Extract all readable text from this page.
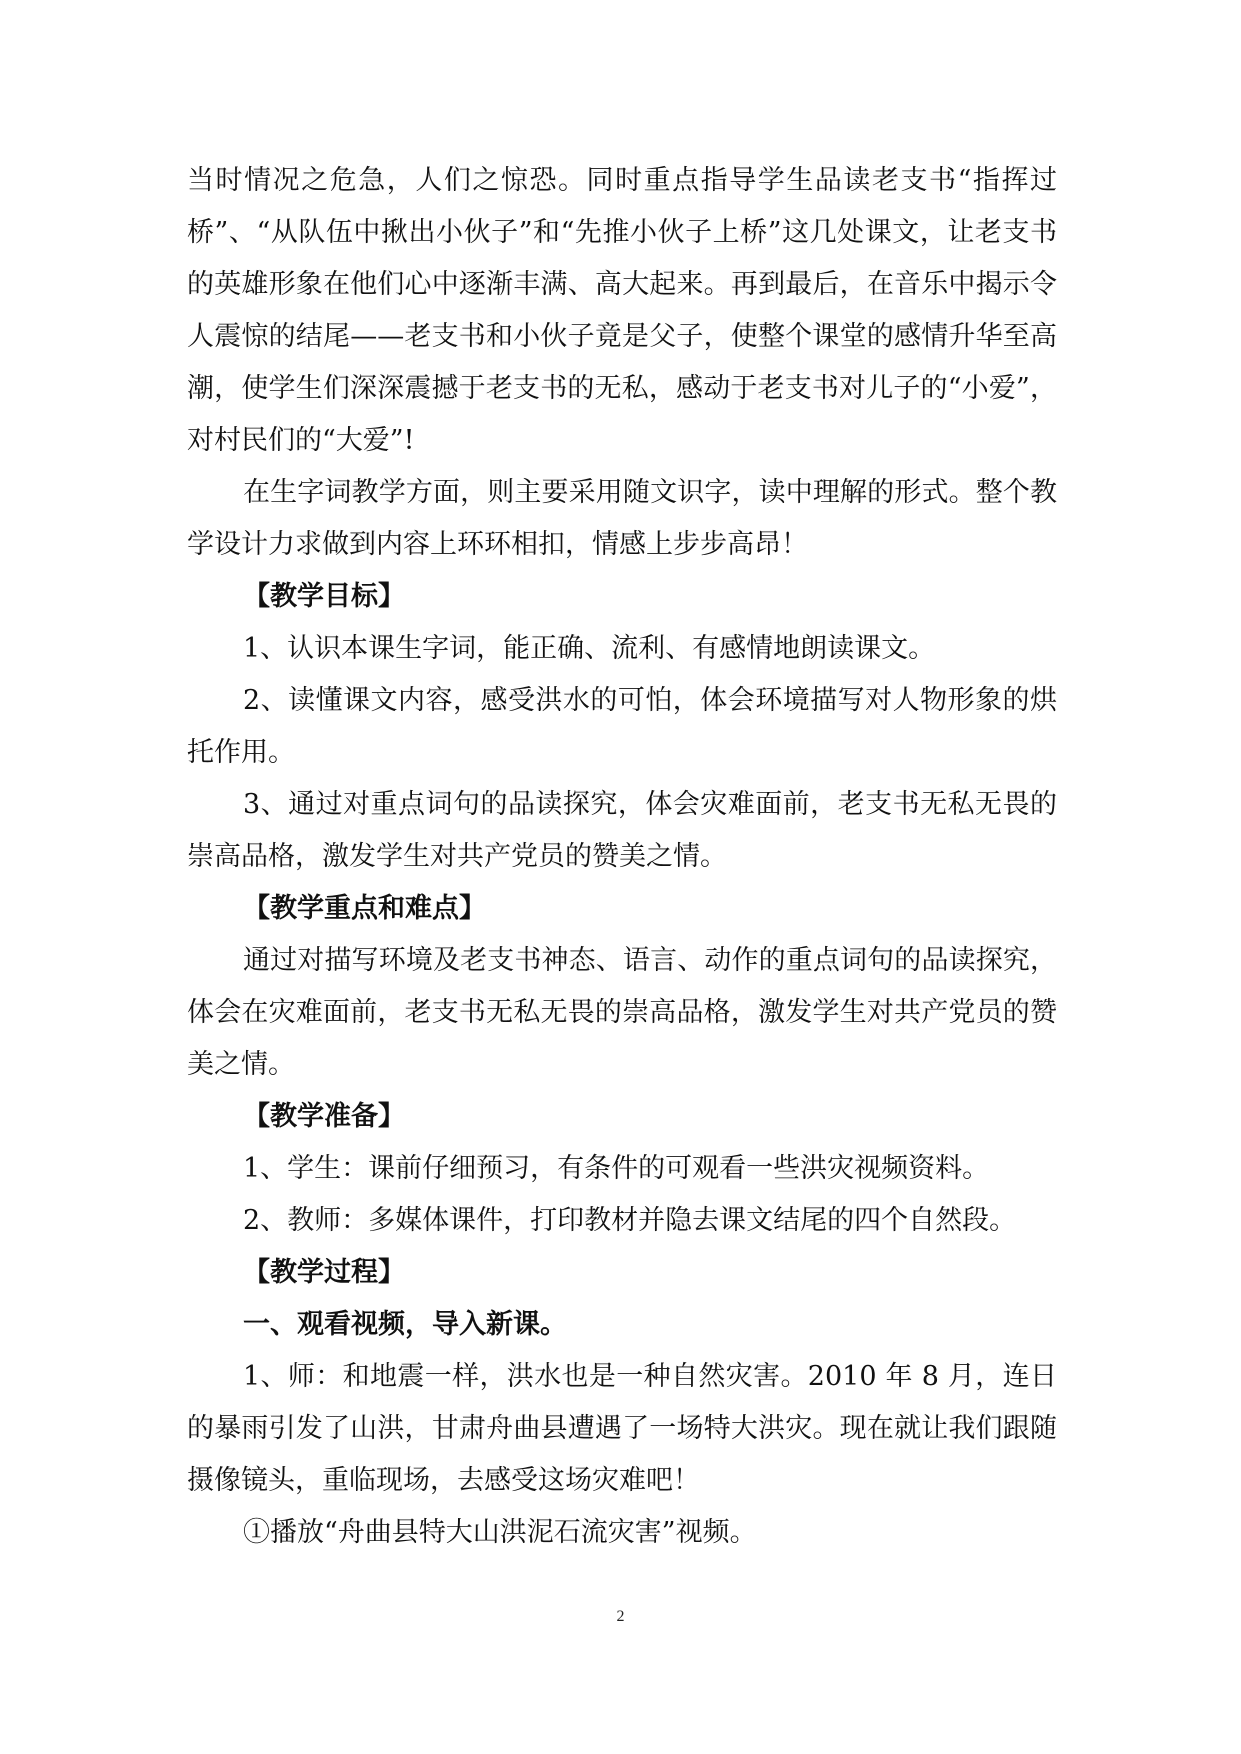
当时情况之危急，人们之惊恐。同时重点指导学生品读老支书“指挥过桥”、“从队伍中揪出小伙子”和“先推小伙子上桥”这几处课文，让老支书的英雄形象在他们心中逐渐丰满、高大起来。再到最后，在音乐中揭示令人震惊的结尾——老支书和小伙子竟是父子，使整个课堂的感情升华至高潮，使学生们深深震撼于老支书的无私，感动于老支书对儿子的“小爱”，对村民们的“大爱”!

在生字词教学方面，则主要采用随文识字，读中理解的形式。整个教学设计力求做到内容上环环相扣，情感上步步高昂！

【教学目标】

1、认识本课生字词，能正确、流利、有感情地朗读课文。

2、读懂课文内容，感受洪水的可怕，体会环境描写对人物形象的烘托作用。

3、通过对重点词句的品读探究，体会灾难面前，老支书无私无畏的崇高品格，激发学生对共产党员的赞美之情。

【教学重点和难点】

通过对描写环境及老支书神态、语言、动作的重点词句的品读探究，体会在灾难面前，老支书无私无畏的崇高品格，激发学生对共产党员的赞美之情。

【教学准备】

1、学生：课前仔细预习，有条件的可观看一些洪灾视频资料。

2、教师：多媒体课件，打印教材并隐去课文结尾的四个自然段。

【教学过程】

一、观看视频，导入新课。

1、师：和地震一样，洪水也是一种自然灾害。2010 年 8 月，连日的暴雨引发了山洪，甘肃舟曲县遭遇了一场特大洪灾。现在就让我们跟随摄像镜头，重临现场，去感受这场灾难吧！

①播放“舟曲县特大山洪泥石流灾害”视频。

2
